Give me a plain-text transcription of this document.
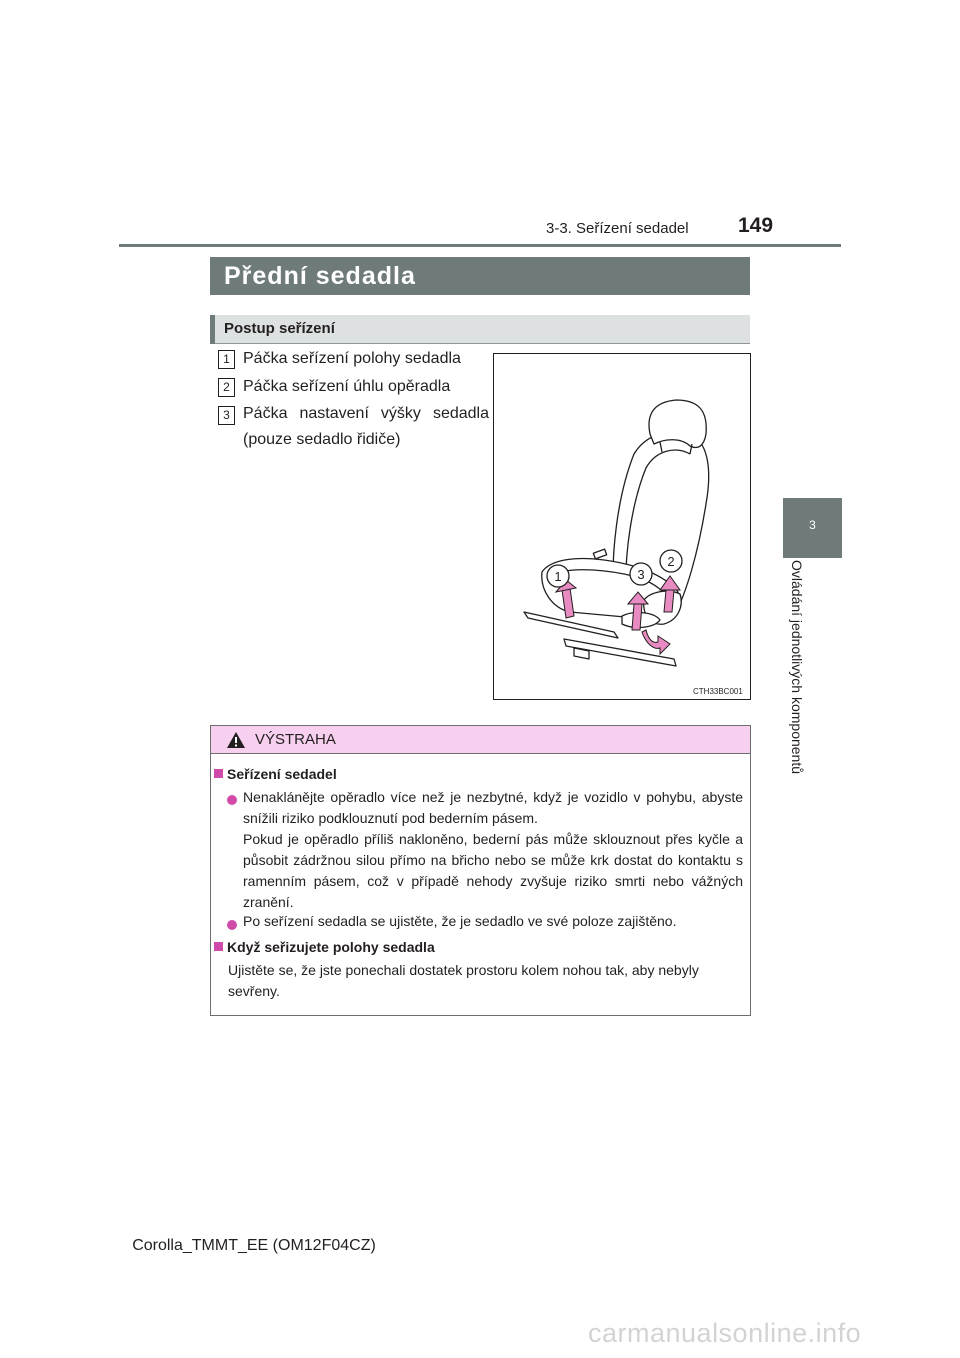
3-3. Seřízení sedadel 149
3
Ovládání jednotlivých komponentů
Přední sedadla
Postup seřízení
1 Páčka seřízení polohy sedadla
2 Páčka seřízení úhlu opěradla
3 Páčka nastavení výšky sedadla (pouze sedadlo řidiče)
1
2
3
CTH33BC001
VÝSTRAHA
Seřízení sedadel
Nenaklánějte opěradlo více než je nezbytné, když je vozidlo v pohybu, abyste snížili riziko podklouznutí pod bederním pásem.
Pokud je opěradlo příliš nakloněno, bederní pás může sklouznout přes kyčle a působit zádržnou silou přímo na břicho nebo se může krk dostat do kontaktu s ramenním pásem, což v případě nehody zvyšuje riziko smrti nebo vážných zranění.
Po seřízení sedadla se ujistěte, že je sedadlo ve své poloze zajištěno.
Když seřizujete polohy sedadla
Ujistěte se, že jste ponechali dostatek prostoru kolem nohou tak, aby nebyly sevřeny.
Corolla_TMMT_EE (OM12F04CZ)
carmanualsonline.info
